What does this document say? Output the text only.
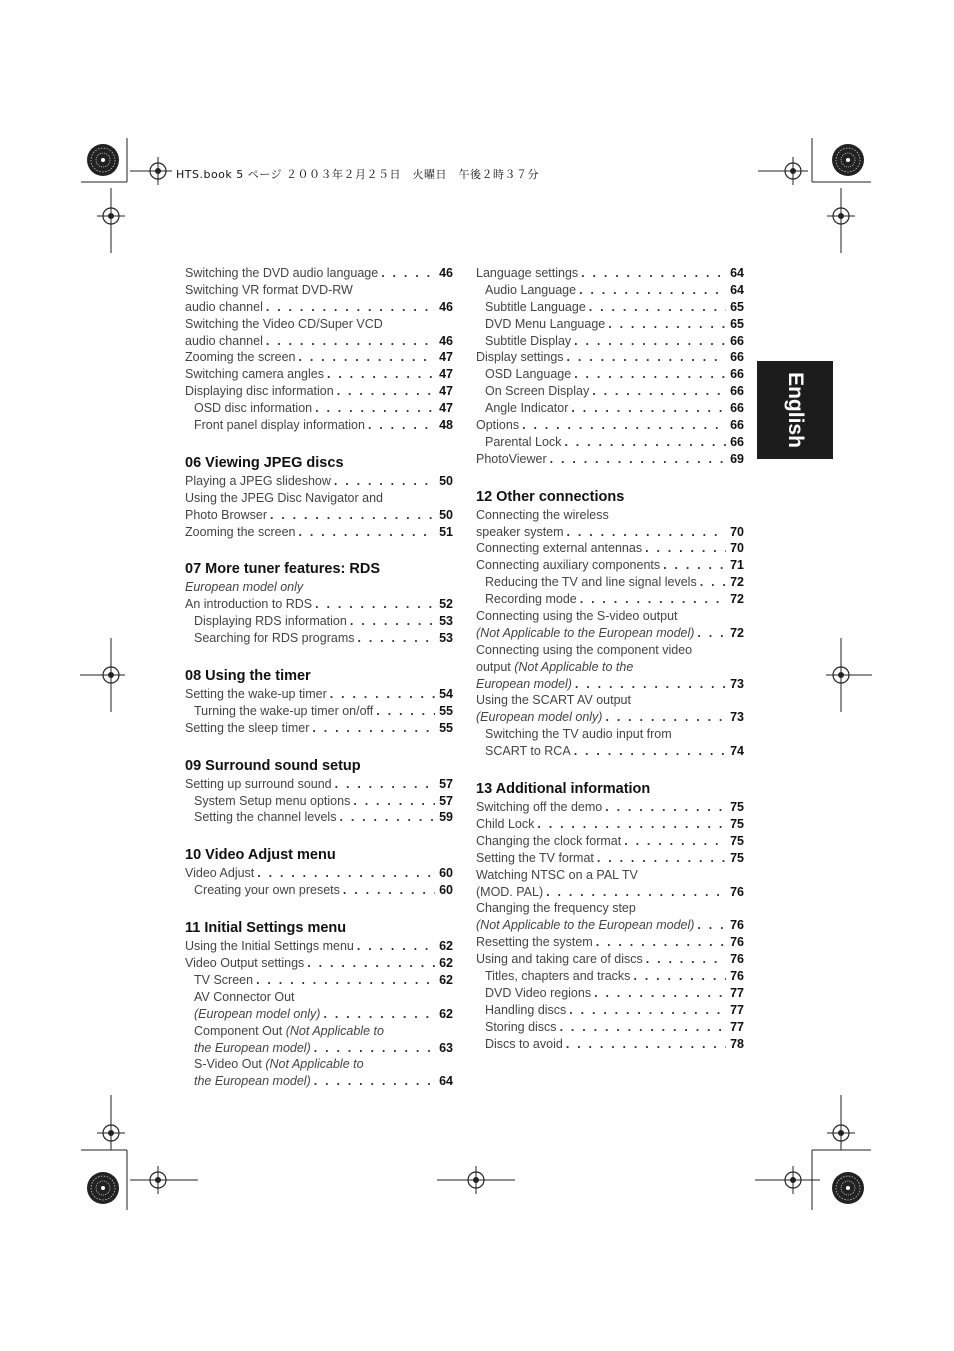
HTS.book 5 ページ ２００３年２月２５日　火曜日　午後２時３７分
English
Switching the DVD audio language . . .	46
Switching VR format DVD-RW
audio channel . . .	46
Switching the Video CD/Super VCD
audio channel . . .	46
Zooming the screen . . .	47
Switching camera angles . . .	47
Displaying disc information . . .	47
OSD disc information . . .	47
Front panel display information . . .	48
06 Viewing JPEG discs
Playing a JPEG slideshow . . .	50
Using the JPEG Disc Navigator and
Photo Browser . . .	50
Zooming the screen . . .	51
07 More tuner features: RDS
European model only
An introduction to RDS . . .	52
Displaying RDS information . . .	53
Searching for RDS programs . . .	53
08 Using the timer
Setting the wake-up timer . . .	54
Turning the wake-up timer on/off . . .	55
Setting the sleep timer . . .	55
09 Surround sound setup
Setting up surround sound . . .	57
System Setup menu options . . .	57
Setting the channel levels . . .	59
10 Video Adjust menu
Video Adjust . . .	60
Creating your own presets . . .	60
11 Initial Settings menu
Using the Initial Settings menu . . .	62
Video Output settings . . .	62
TV Screen . . .	62
AV Connector Out
(European model only) . . .	62
Component Out (Not Applicable to
the European model) . . .	63
S-Video Out (Not Applicable to
the European model) . . .	64
Language settings . . .	64
Audio Language . . .	64
Subtitle Language . . .	65
DVD Menu Language . . .	65
Subtitle Display . . .	66
Display settings . . .	66
OSD Language . . .	66
On Screen Display . . .	66
Angle Indicator . . .	66
Options . . .	66
Parental Lock . . .	66
PhotoViewer . . .	69
12 Other connections
Connecting the wireless
speaker system . . .	70
Connecting external antennas . . .	70
Connecting auxiliary components . . .	71
Reducing the TV and line signal levels . . .	72
Recording mode . . .	72
Connecting using the S-video output
(Not Applicable to the European model) . . .	72
Connecting using the component video
output (Not Applicable to the
European model) . . .	73
Using the SCART AV output
(European model only) . . .	73
Switching the TV audio input from
SCART to RCA . . .	74
13 Additional information
Switching off the demo . . .	75
Child Lock . . .	75
Changing the clock format . . .	75
Setting the TV format . . .	75
Watching NTSC on a PAL TV
(MOD. PAL) . . .	76
Changing the frequency step
(Not Applicable to the European model) . . .	76
Resetting the system . . .	76
Using and taking care of discs . . .	76
Titles, chapters and tracks . . .	76
DVD Video regions . . .	77
Handling discs . . .	77
Storing discs . . .	77
Discs to avoid . . .	78
